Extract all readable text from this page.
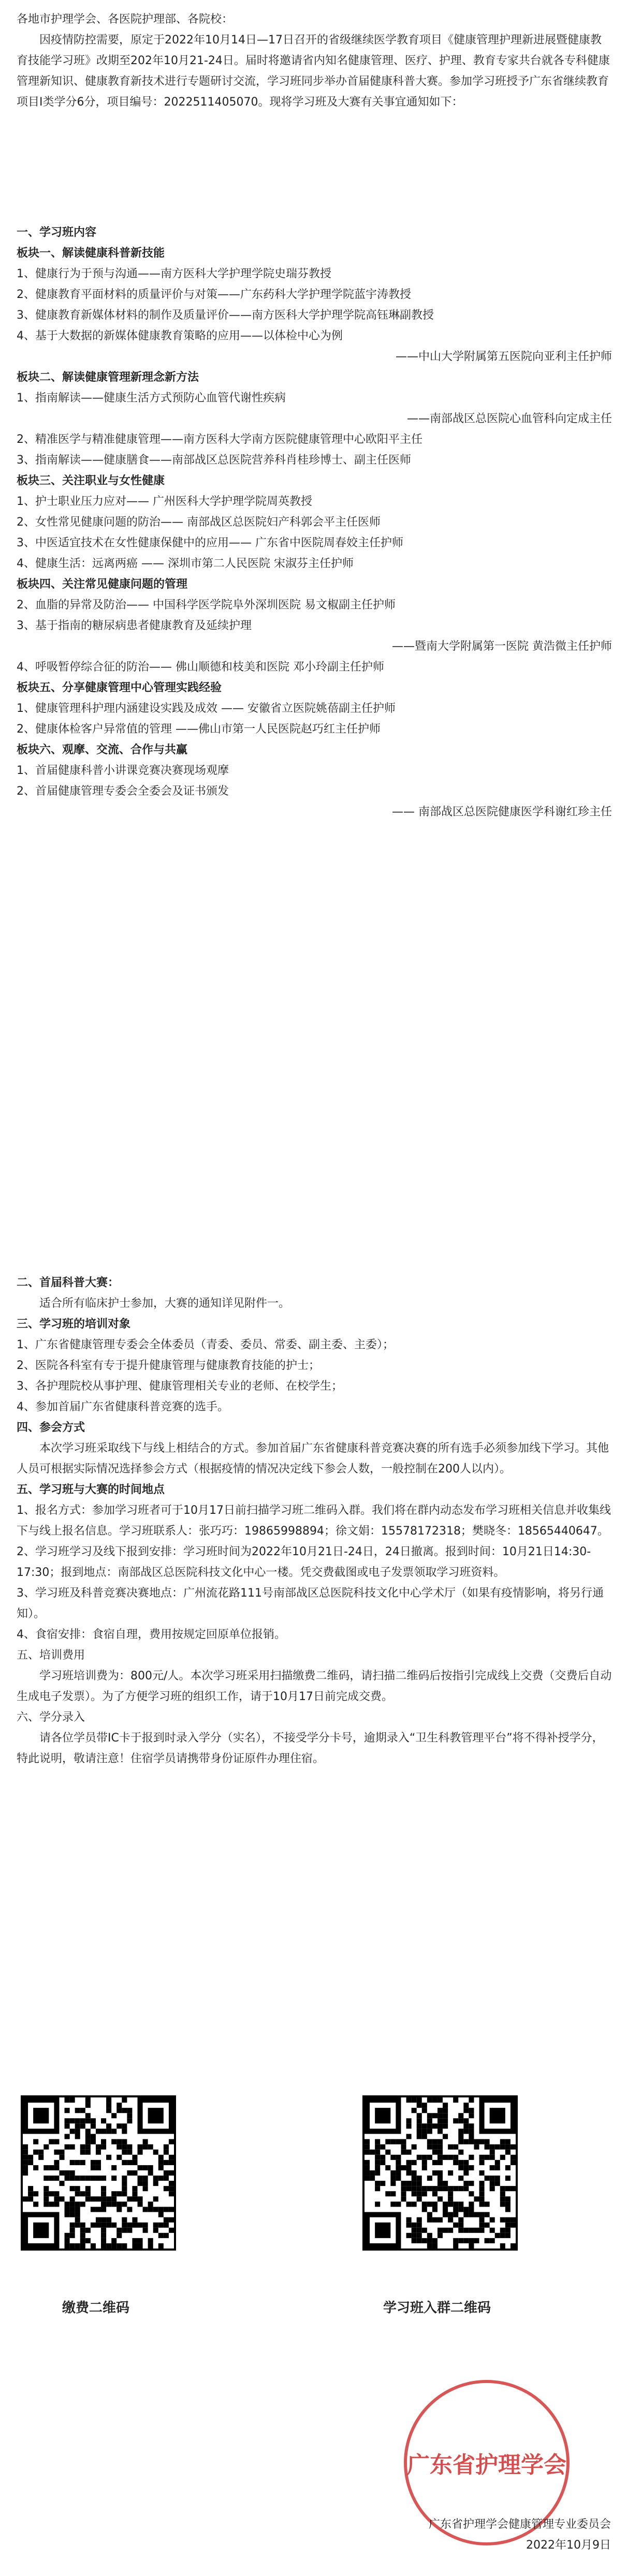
各地市护理学会、各医院护理部、各院校：

因疫情防控需要，原定于2022年10月14日—17日召开的省级继续医学教育项目《健康管理护理新进展暨健康教育技能学习班》改期至202年10月21-24日。届时将邀请省内知名健康管理、医疗、护理、教育专家共台就各专科健康管理新知识、健康教育新技术进行专题研讨交流，学习班同步举办首届健康科普大赛。参加学习班授予广东省继续教育项目Ⅰ类学分6分，项目编号：2022511405070。现将学习班及大赛有关事宜通知如下：

一、学习班内容

板块一、解读健康科普新技能

1、健康行为于预与沟通——南方医科大学护理学院史瑞芬教授

2、健康教育平面材料的质量评价与对策——广东药科大学护理学院蓝宇涛教授

3、健康教育新媒体材料的制作及质量评价——南方医科大学护理学院高钰琳副教授

4、基于大数据的新媒体健康教育策略的应用——以体检中心为例

——中山大学附属第五医院向亚利主任护师

板块二、解读健康管理新理念新方法

1、指南解读——健康生活方式预防心血管代谢性疾病

——南部战区总医院心血管科向定成主任

2、精准医学与精准健康管理——南方医科大学南方医院健康管理中心欧阳平主任

3、指南解读——健康膳食——南部战区总医院营养科肖桂珍博士、副主任医师

板块三、关注职业与女性健康

1、护士职业压力应对—— 广州医科大学护理学院周英教授

2、女性常见健康问题的防治—— 南部战区总医院妇产科郭会平主任医师

3、中医适宜技术在女性健康保健中的应用—— 广东省中医院周春姣主任护师

4、健康生活：远离两癌 —— 深圳市第二人民医院 宋淑芬主任护师

板块四、关注常见健康问题的管理

2、血脂的异常及防治—— 中国科学医学院阜外深圳医院 易文椒副主任护师

3、基于指南的糖尿病患者健康教育及延续护理

——暨南大学附属第一医院 黄浩微主任护师

4、呼吸暂停综合征的防治—— 佛山顺德和枝美和医院 邓小玲副主任护师

板块五、分享健康管理中心管理实践经验

1、健康管理科护理内涵建设实践及成效 —— 安徽省立医院姚蓓副主任护师

2、健康体检客户异常值的管理 ——佛山市第一人民医院赵巧红主任护师

板块六、观摩、交流、合作与共赢

1、首届健康科普小讲课竞赛决赛现场观摩

2、首届健康管理专委会全委会及证书颁发

—— 南部战区总医院健康医学科谢红珍主任

二、首届科普大赛：

适合所有临床护士参加，大赛的通知详见附件一。

三、学习班的培训对象

1、广东省健康管理专委会全体委员（青委、委员、常委、副主委、主委）；

2、医院各科室有专于提升健康管理与健康教育技能的护士；

3、各护理院校从事护理、健康管理相关专业的老师、在校学生；

4、参加首届广东省健康科普竞赛的选手。

四、参会方式

本次学习班采取线下与线上相结合的方式。参加首届广东省健康科普竞赛决赛的所有选手必须参加线下学习。其他人员可根据实际情况选择参会方式（根据疫情的情况决定线下参会人数，一般控制在200人以内）。

五、学习班与大赛的时间地点

1、报名方式：参加学习班者可于10月17日前扫描学习班二维码入群。我们将在群内动态发布学习班相关信息并收集线下与线上报名信息。学习班联系人：张巧巧：19865998894；徐文娟：15578172318；樊晓冬：18565440647。

2、学习班学习及线下报到安排：学习班时间为2022年10月21日-24日，24日撤离。报到时间：10月21日14:30-17:30；报到地点：南部战区总医院科技文化中心一楼。凭交费截图或电子发票领取学习班资料。

3、学习班及科普竞赛决赛地点：广州流花路111号南部战区总医院科技文化中心学术厅（如果有疫情影响，将另行通知）。

4、食宿安排：食宿自理，费用按规定回原单位报销。

五、培训费用

学习班培训费为：800元/人。本次学习班采用扫描缴费二维码，请扫描二维码后按指引完成线上交费（交费后自动生成电子发票）。为了方便学习班的组织工作，请于10月17日前完成交费。

六、学分录入

请各位学员带IC卡于报到时录入学分（实名），不接受学分卡号，逾期录入“卫生科教管理平台”将不得补授学分，特此说明，敬请注意！住宿学员请携带身份证原件办理住宿。

缴费二维码	学习班入群二维码
广东省护理学会
广东省护理学会健康管理专业委员会
2022年10月9日
